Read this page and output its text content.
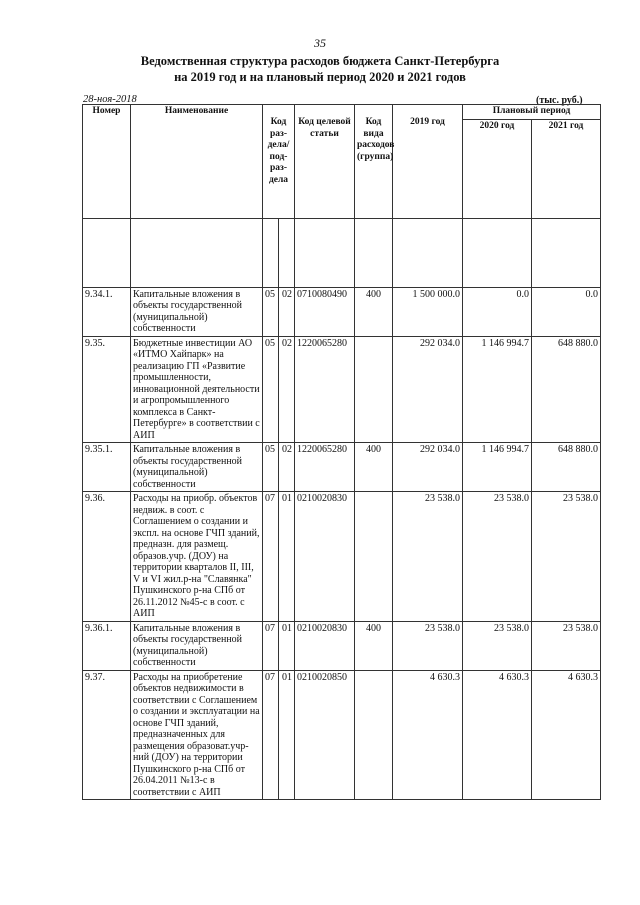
35
Ведомственная структура расходов бюджета Санкт-Петербурга
на 2019 год и на плановый период 2020 и 2021 годов
28-ноя-2018	(тыс. руб.)
Номер	Наименование	Код раз-дела/ под-раз-дела		Код целевой статьи	Код вида расходов (группа)	2019 год	Плановый период	
							2020 год	2021 год

9.34.1.	Капитальные вложения в объекты государственной (муниципальной) собственности	05	02	0710080490	400	1 500 000.0	0.0	0.0
9.35.	Бюджетные инвестиции АО «ИТМО Хайпарк» на реализацию ГП «Развитие промышленности, инновационной деятельности и агропромышленного комплекса в Санкт-Петербурге» в соответствии с АИП	05	02	1220065280		292 034.0	1 146 994.7	648 880.0
9.35.1.	Капитальные вложения в объекты государственной (муниципальной) собственности	05	02	1220065280	400	292 034.0	1 146 994.7	648 880.0
9.36.	Расходы на приобр. объектов недвиж. в соот. с Соглашением о создании и экспл. на основе ГЧП зданий, предназн. для размещ. образов.учр. (ДОУ) на территории кварталов II, III, V и VI жил.р-на "Славянка" Пушкинского р-на СПб от 26.11.2012 №45-с в соот. с АИП	07	01	0210020830		23 538.0	23 538.0	23 538.0
9.36.1.	Капитальные вложения в объекты государственной (муниципальной) собственности	07	01	0210020830	400	23 538.0	23 538.0	23 538.0
9.37.	Расходы на приобретение объектов недвижимости в соответствии с Соглашением о создании и эксплуатации на основе ГЧП зданий, предназначенных для размещения образоват.учр-ний (ДОУ) на территории Пушкинского р-на СПб от 26.04.2011 №13-с в соответствии с АИП	07	01	0210020850		4 630.3	4 630.3	4 630.3
